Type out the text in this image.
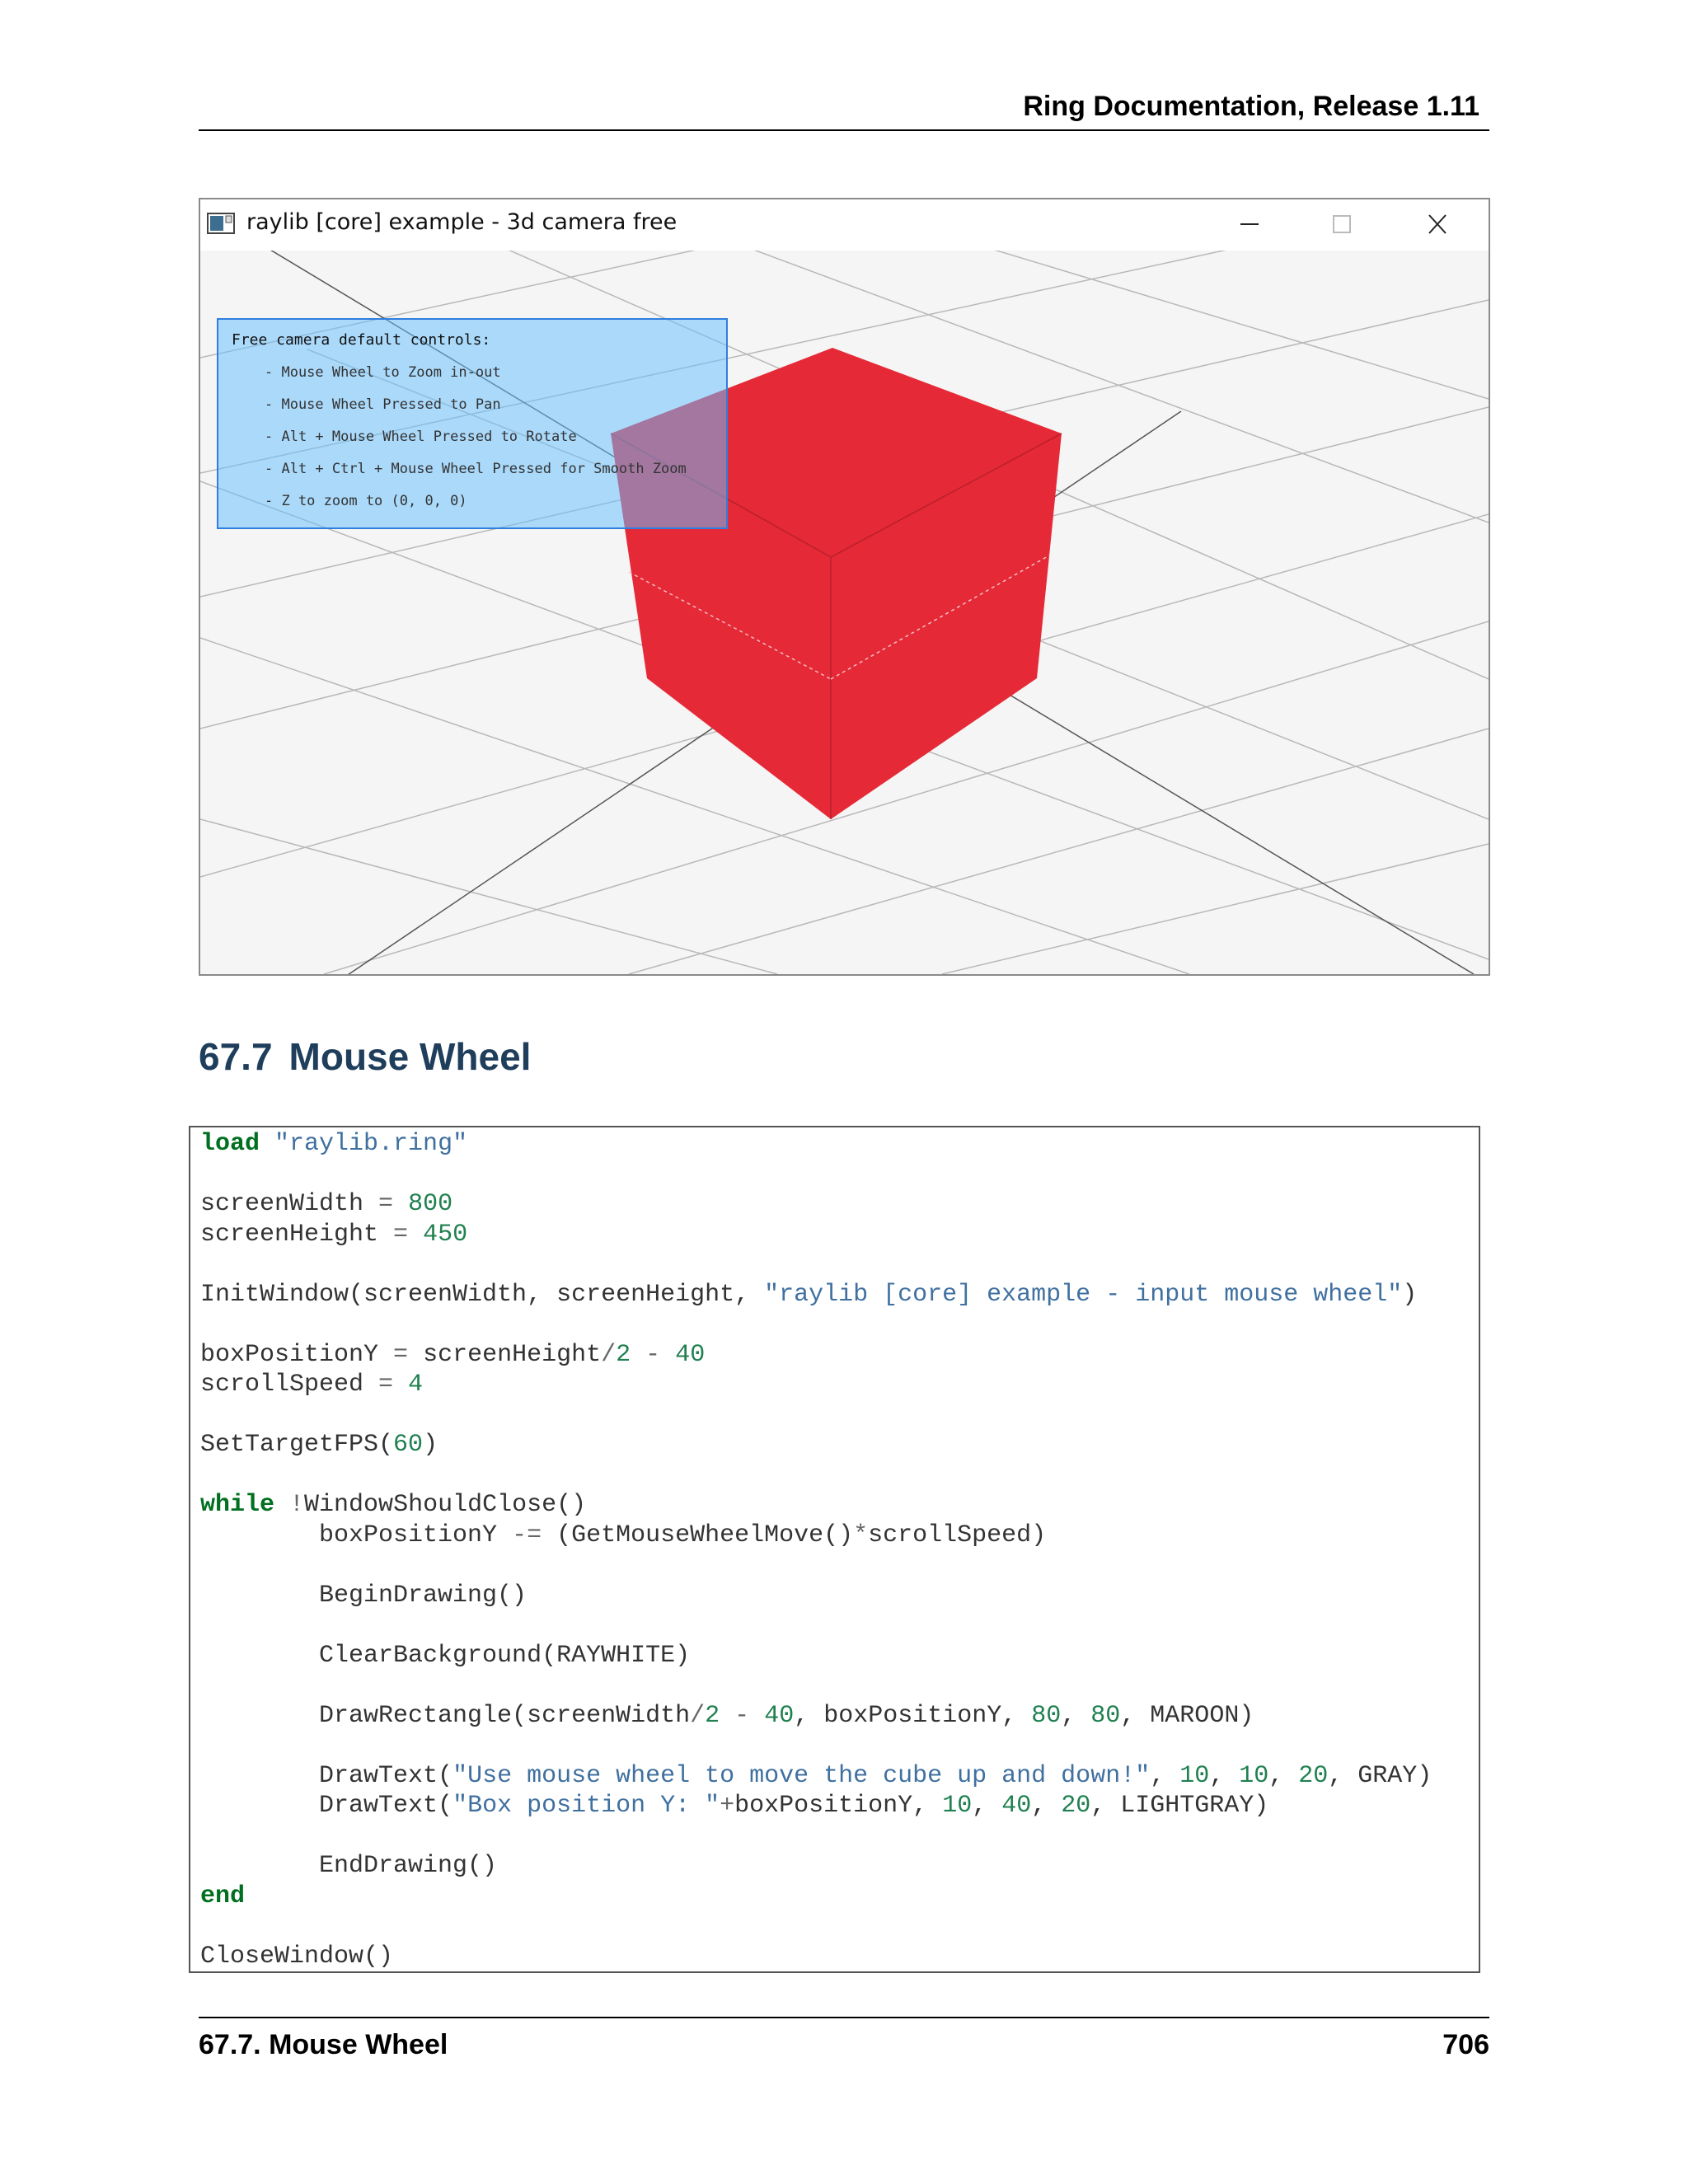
Ring Documentation, Release 1.11
raylib [core] example - 3d camera free
Free camera default controls:
- Mouse Wheel to Zoom in-out
- Mouse Wheel Pressed to Pan
- Alt + Mouse Wheel Pressed to Rotate
- Alt + Ctrl + Mouse Wheel Pressed for Smooth Zoom
- Z to zoom to (0, 0, 0)
67.7 Mouse Wheel
load "raylib.ring"

screenWidth = 800
screenHeight = 450

InitWindow(screenWidth, screenHeight, "raylib [core] example - input mouse wheel")

boxPositionY = screenHeight/2 - 40
scrollSpeed = 4

SetTargetFPS(60)

while !WindowShouldClose()
boxPositionY -= (GetMouseWheelMove()*scrollSpeed)

BeginDrawing()

ClearBackground(RAYWHITE)

DrawRectangle(screenWidth/2 - 40, boxPositionY, 80, 80, MAROON)

DrawText("Use mouse wheel to move the cube up and down!", 10, 10, 20, GRAY)
DrawText("Box position Y: "+boxPositionY, 10, 40, 20, LIGHTGRAY)

EndDrawing()
end

CloseWindow()
67.7. Mouse Wheel	706
